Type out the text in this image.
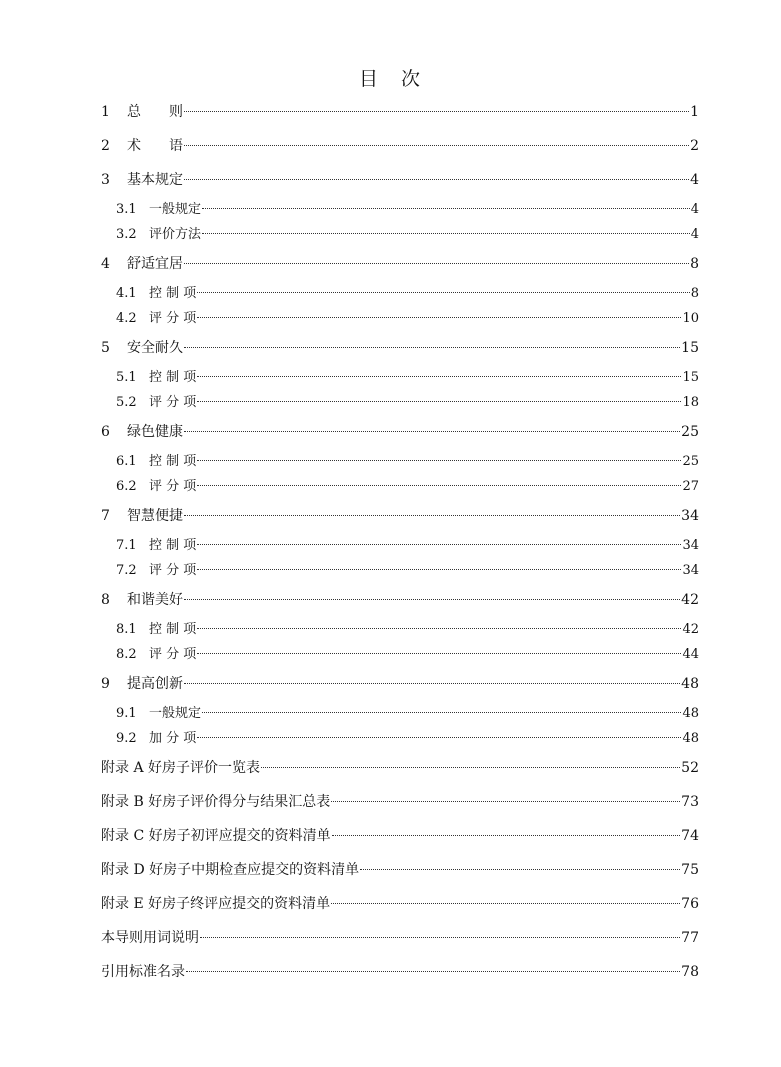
目　次
1	总　　则	1
2	术　　语	2
3	基本规定	4
3.1 一般规定	4
3.2 评价方法	4
4	舒适宜居	8
4.1 控 制 项	8
4.2 评 分 项	10
5	安全耐久	15
5.1 控 制 项	15
5.2 评 分 项	18
6	绿色健康	25
6.1 控 制 项	25
6.2 评 分 项	27
7	智慧便捷	34
7.1 控 制 项	34
7.2 评 分 项	34
8	和谐美好	42
8.1 控 制 项	42
8.2 评 分 项	44
9	提高创新	48
9.1 一般规定	48
9.2 加 分 项	48
附录 A 好房子评价一览表	52
附录 B 好房子评价得分与结果汇总表	73
附录 C 好房子初评应提交的资料清单	74
附录 D 好房子中期检查应提交的资料清单	75
附录 E 好房子终评应提交的资料清单	76
本导则用词说明	77
引用标准名录	78
